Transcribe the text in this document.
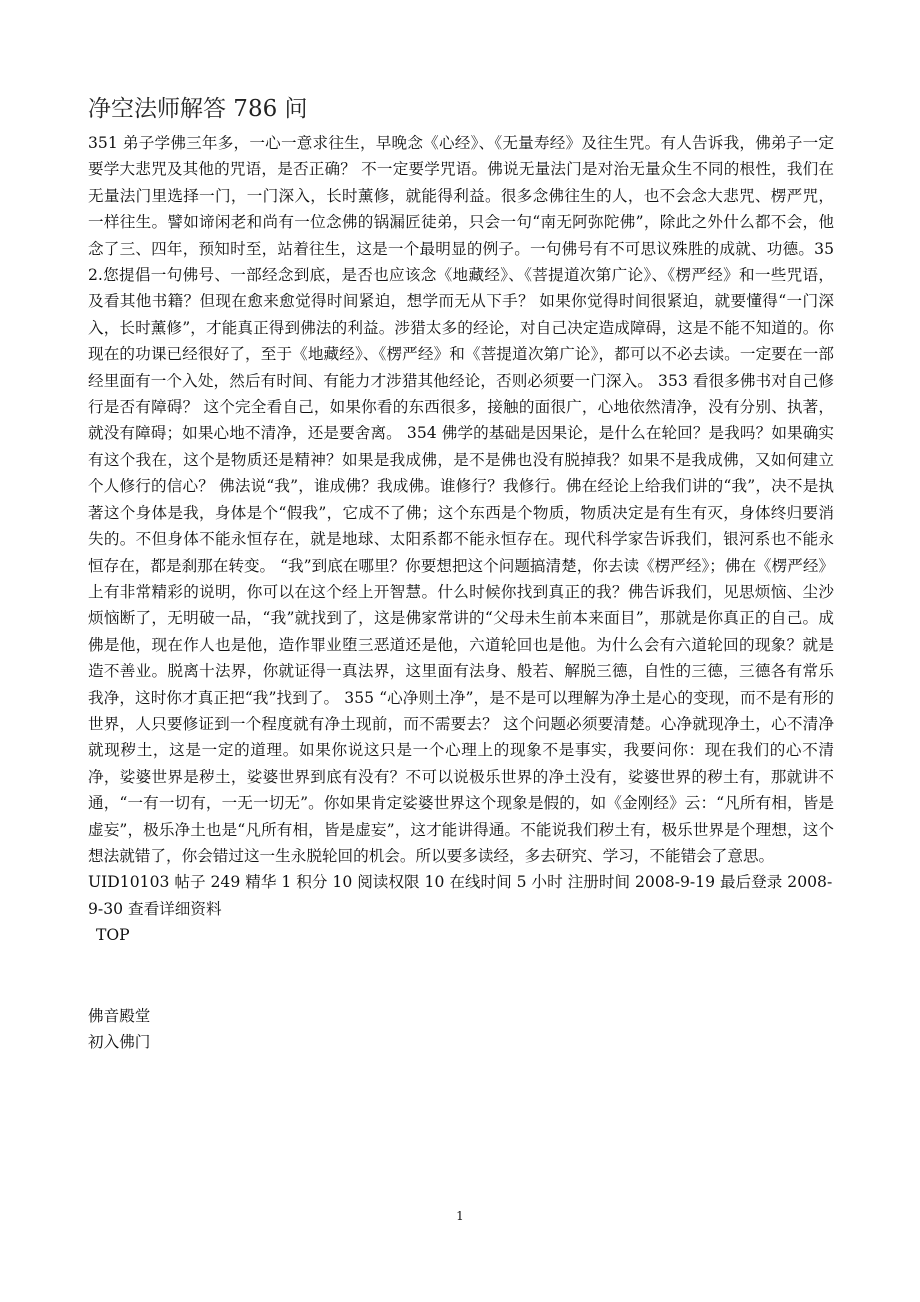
净空法师解答 786 问

351 弟子学佛三年多，一心一意求往生，早晚念《心经》、《无量寿经》及往生咒。有人告诉我，佛弟子一定要学大悲咒及其他的咒语，是否正确？ 不一定要学咒语。佛说无量法门是对治无量众生不同的根性，我们在无量法门里选择一门，一门深入，长时薰修，就能得利益。很多念佛往生的人，也不会念大悲咒、楞严咒，一样往生。譬如谛闲老和尚有一位念佛的锅漏匠徒弟，只会一句“南无阿弥陀佛”，除此之外什么都不会，他念了三、四年，预知时至，站着往生，这是一个最明显的例子。一句佛号有不可思议殊胜的成就、功德。352.您提倡一句佛号、一部经念到底，是否也应该念《地藏经》、《菩提道次第广论》、《楞严经》和一些咒语，及看其他书籍？但现在愈来愈觉得时间紧迫，想学而无从下手？ 如果你觉得时间很紧迫，就要懂得“一门深入，长时薰修”，才能真正得到佛法的利益。涉猎太多的经论，对自己决定造成障碍，这是不能不知道的。你现在的功课已经很好了，至于《地藏经》、《楞严经》和《菩提道次第广论》，都可以不必去读。一定要在一部经里面有一个入处，然后有时间、有能力才涉猎其他经论，否则必须要一门深入。 353 看很多佛书对自己修行是否有障碍？ 这个完全看自己，如果你看的东西很多，接触的面很广，心地依然清净，没有分别、执著，就没有障碍；如果心地不清净，还是要舍离。 354 佛学的基础是因果论，是什么在轮回？是我吗？如果确实有这个我在，这个是物质还是精神？如果是我成佛，是不是佛也没有脱掉我？如果不是我成佛，又如何建立个人修行的信心？ 佛法说“我”，谁成佛？我成佛。谁修行？我修行。佛在经论上给我们讲的“我”，决不是执著这个身体是我，身体是个“假我”，它成不了佛；这个东西是个物质，物质决定是有生有灭，身体终归要消失的。不但身体不能永恒存在，就是地球、太阳系都不能永恒存在。现代科学家告诉我们，银河系也不能永恒存在，都是刹那在转变。 “我”到底在哪里？你要想把这个问题搞清楚，你去读《楞严经》；佛在《楞严经》上有非常精彩的说明，你可以在这个经上开智慧。什么时候你找到真正的我？佛告诉我们，见思烦恼、尘沙烦恼断了，无明破一品，“我”就找到了，这是佛家常讲的“父母未生前本来面目”，那就是你真正的自己。成佛是他，现在作人也是他，造作罪业堕三恶道还是他，六道轮回也是他。为什么会有六道轮回的现象？就是造不善业。脱离十法界，你就证得一真法界，这里面有法身、般若、解脱三德，自性的三德，三德各有常乐我净，这时你才真正把“我”找到了。 355 “心净则土净”，是不是可以理解为净土是心的变现，而不是有形的世界，人只要修证到一个程度就有净土现前，而不需要去？ 这个问题必须要清楚。心净就现净土，心不清净就现秽土，这是一定的道理。如果你说这只是一个心理上的现象不是事实，我要问你：现在我们的心不清净，娑婆世界是秽土，娑婆世界到底有没有？不可以说极乐世界的净土没有，娑婆世界的秽土有，那就讲不通，“一有一切有，一无一切无”。你如果肯定娑婆世界这个现象是假的，如《金刚经》云：“凡所有相，皆是虚妄”，极乐净土也是“凡所有相，皆是虚妄”，这才能讲得通。不能说我们秽土有，极乐世界是个理想，这个想法就错了，你会错过这一生永脱轮回的机会。所以要多读经，多去研究、学习，不能错会了意思。

UID10103 帖子 249 精华 1 积分 10 阅读权限 10 在线时间 5 小时 注册时间 2008-9-19 最后登录 2008-9-30 查看详细资料

TOP
佛音殿堂
初入佛门
1
